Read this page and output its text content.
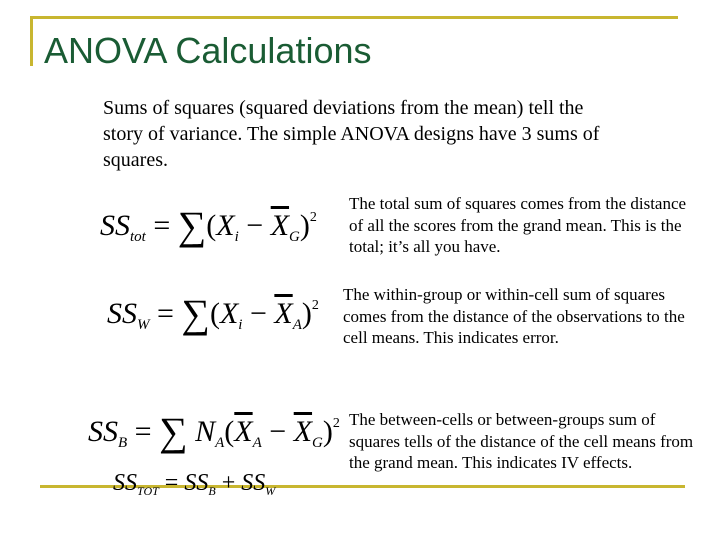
ANOVA Calculations
Sums of squares (squared deviations from the mean) tell the story of variance. The simple ANOVA designs have 3 sums of squares.
$SS_{tot} = \sum(X_i - \overline{X}_G)^2$
The total sum of squares comes from the distance of all the scores from the grand mean. This is the total; it’s all you have.
$SS_W = \sum(X_i - \overline{X}_A)^2$
The within-group or within-cell sum of squares comes from the distance of the observations to the cell means. This indicates error.
$SS_B$ = ∑ $N_A(\overline{X}_A - \overline{X}_G)^2$ The between-cells or between-groups sum of squares tells of the distance of the cell means from the grand mean. This indicates IV effects.
$SS_{TOT} = SS_B + SS_W$
